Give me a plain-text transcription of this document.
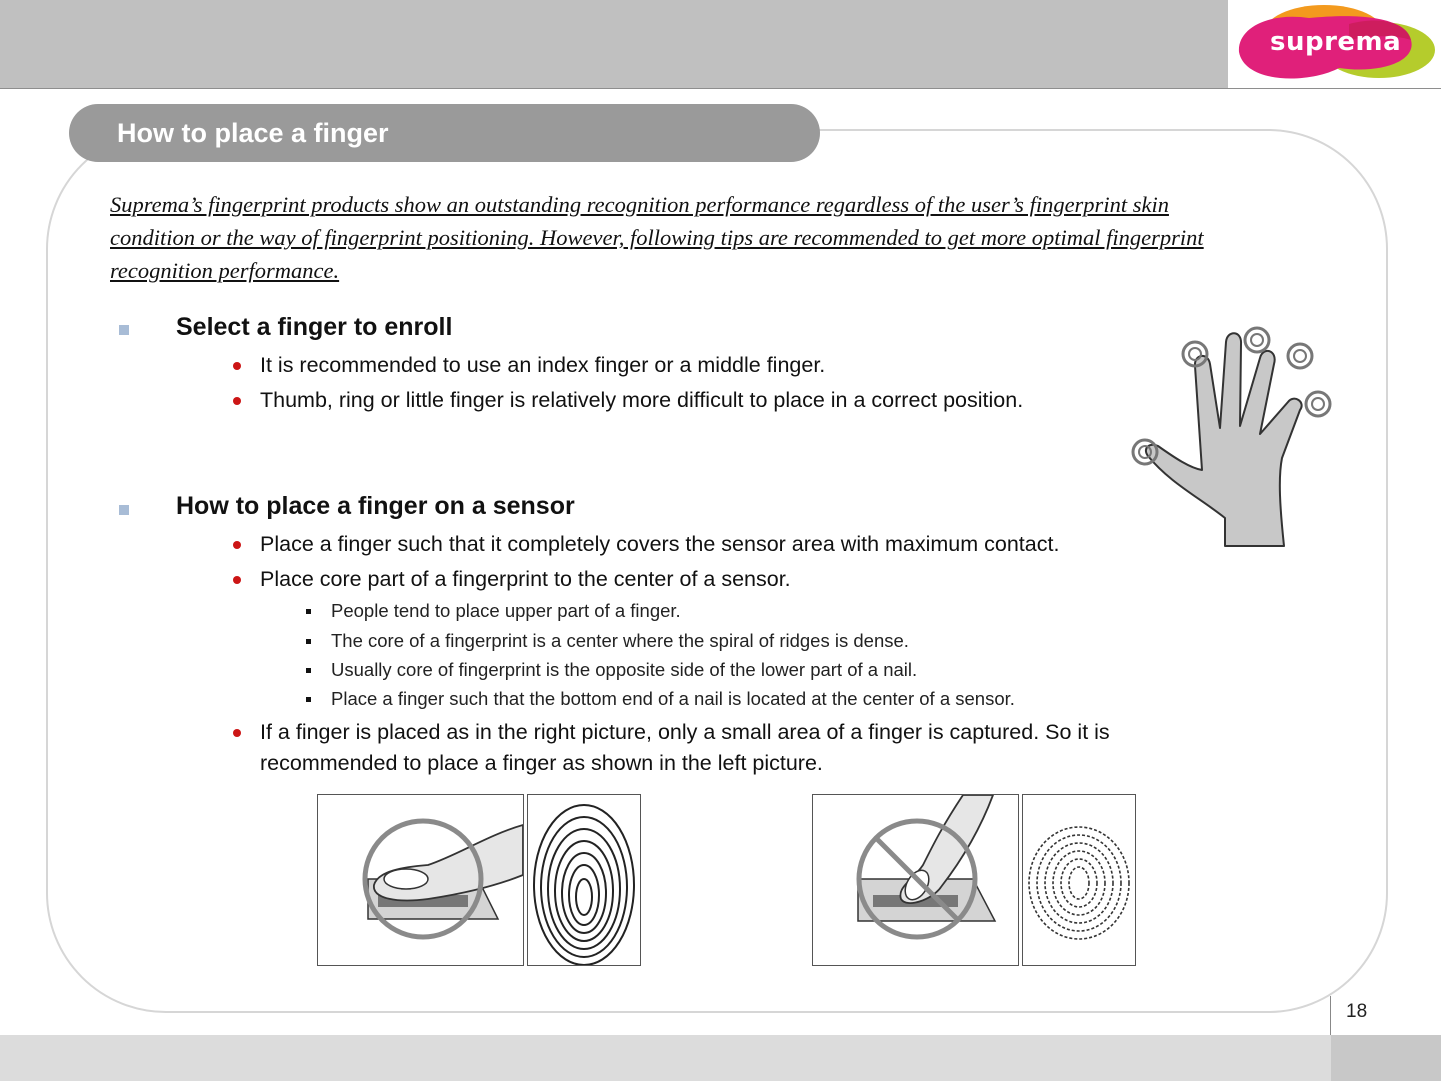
suprema
How to place a finger
Suprema’s fingerprint products show an outstanding recognition performance regardless of the user’s fingerprint skin condition or the way of fingerprint positioning. However, following tips are recommended to get more optimal fingerprint recognition performance.
Select a finger to enroll
It is recommended to use an index finger or a middle finger.
Thumb, ring or little finger is relatively more difficult to place in a correct position.
How to place a finger on a sensor
Place a finger such that it completely covers the sensor area with maximum contact.
Place core part of a fingerprint to the center of a sensor.
People tend to place upper part of a finger.
The core of a fingerprint is a center where the spiral of ridges is dense.
Usually core of fingerprint is the opposite side of the lower part of a nail.
Place a finger such that the bottom end of a nail is located at the center of a sensor.
If a finger is placed as in the right picture, only a small area of a finger is captured. So it is
recommended to place a finger as shown in the left picture.
18
